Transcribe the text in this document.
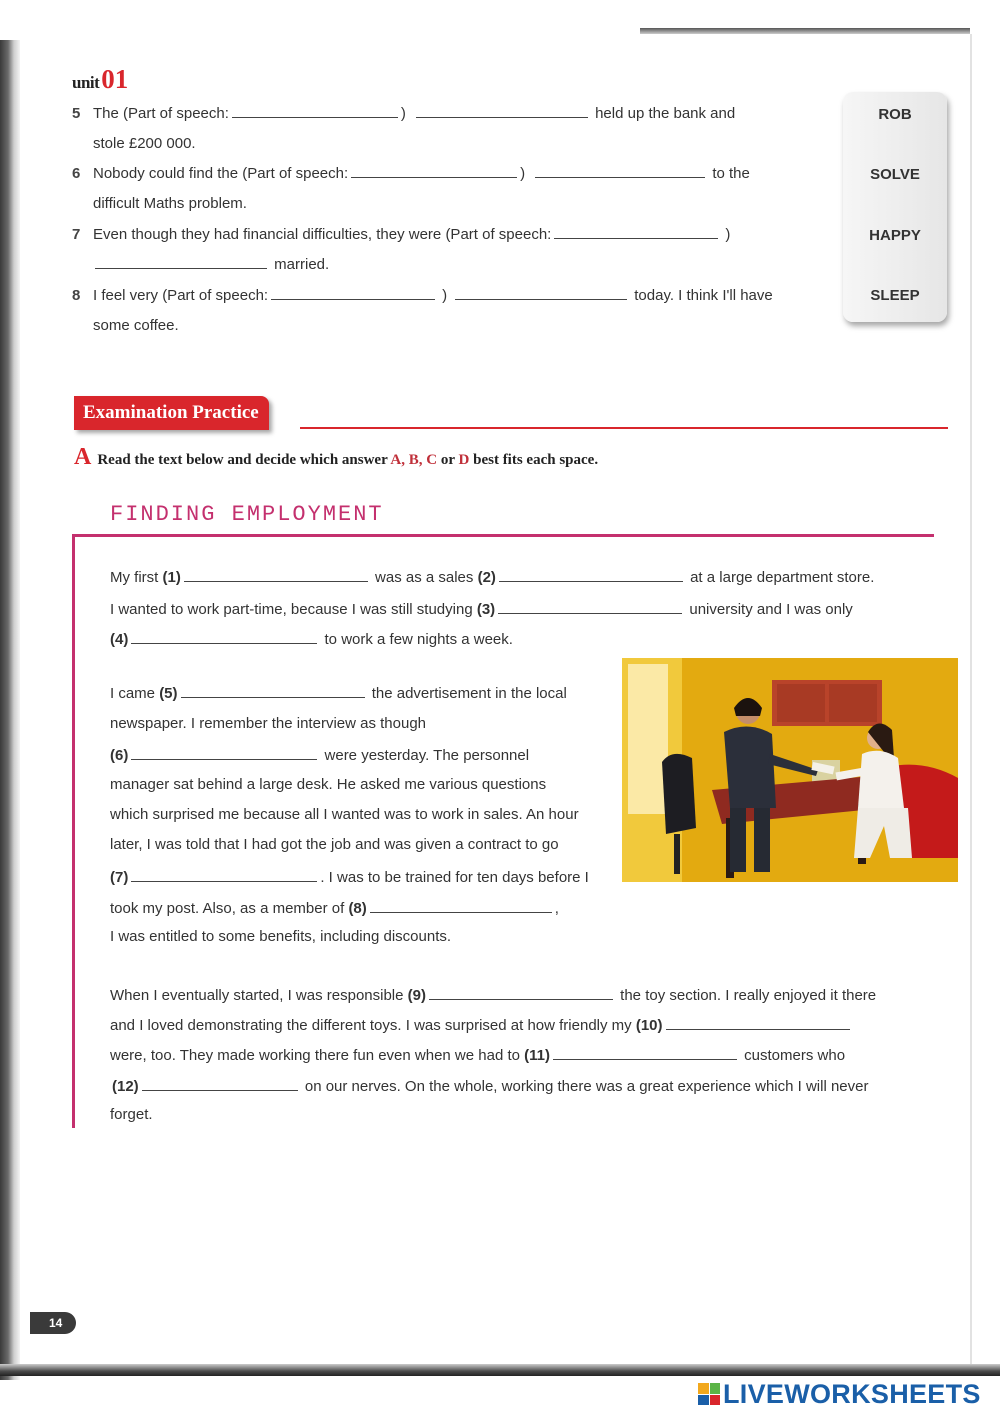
unit01
5 The (Part of speech:	)	held up the bank and
stole £200 000.
6 Nobody could find the (Part of speech:	)	to the
difficult Maths problem.
7 Even though they had financial difficulties, they were (Part of speech:	)
married.
8 I feel very (Part of speech:	)	today. I think I'll have
some coffee.
ROB
SOLVE
HAPPY
SLEEP
Examination Practice
A Read the text below and decide which answer A, B, C or D best fits each space.
FINDING EMPLOYMENT
My first (1)	was as a sales (2)	at a large department store.
I wanted to work part-time, because I was still studying (3)	university and I was only
(4)	to work a few nights a week.
I came (5)	the advertisement in the local
newspaper. I remember the interview as though
(6)	were yesterday. The personnel
manager sat behind a large desk. He asked me various questions
which surprised me because all I wanted was to work in sales. An hour
later, I was told that I had got the job and was given a contract to go
(7)	. I was to be trained for ten days before I
took my post. Also, as a member of (8)	,
I was entitled to some benefits, including discounts.
When I eventually started, I was responsible (9)	the toy section. I really enjoyed it there
and I loved demonstrating the different toys. I was surprised at how friendly my (10)
were, too. They made working there fun even when we had to (11)	customers who
(12)	on our nerves. On the whole, working there was a great experience which I will never
forget.
14
LIVEWORKSHEETS
